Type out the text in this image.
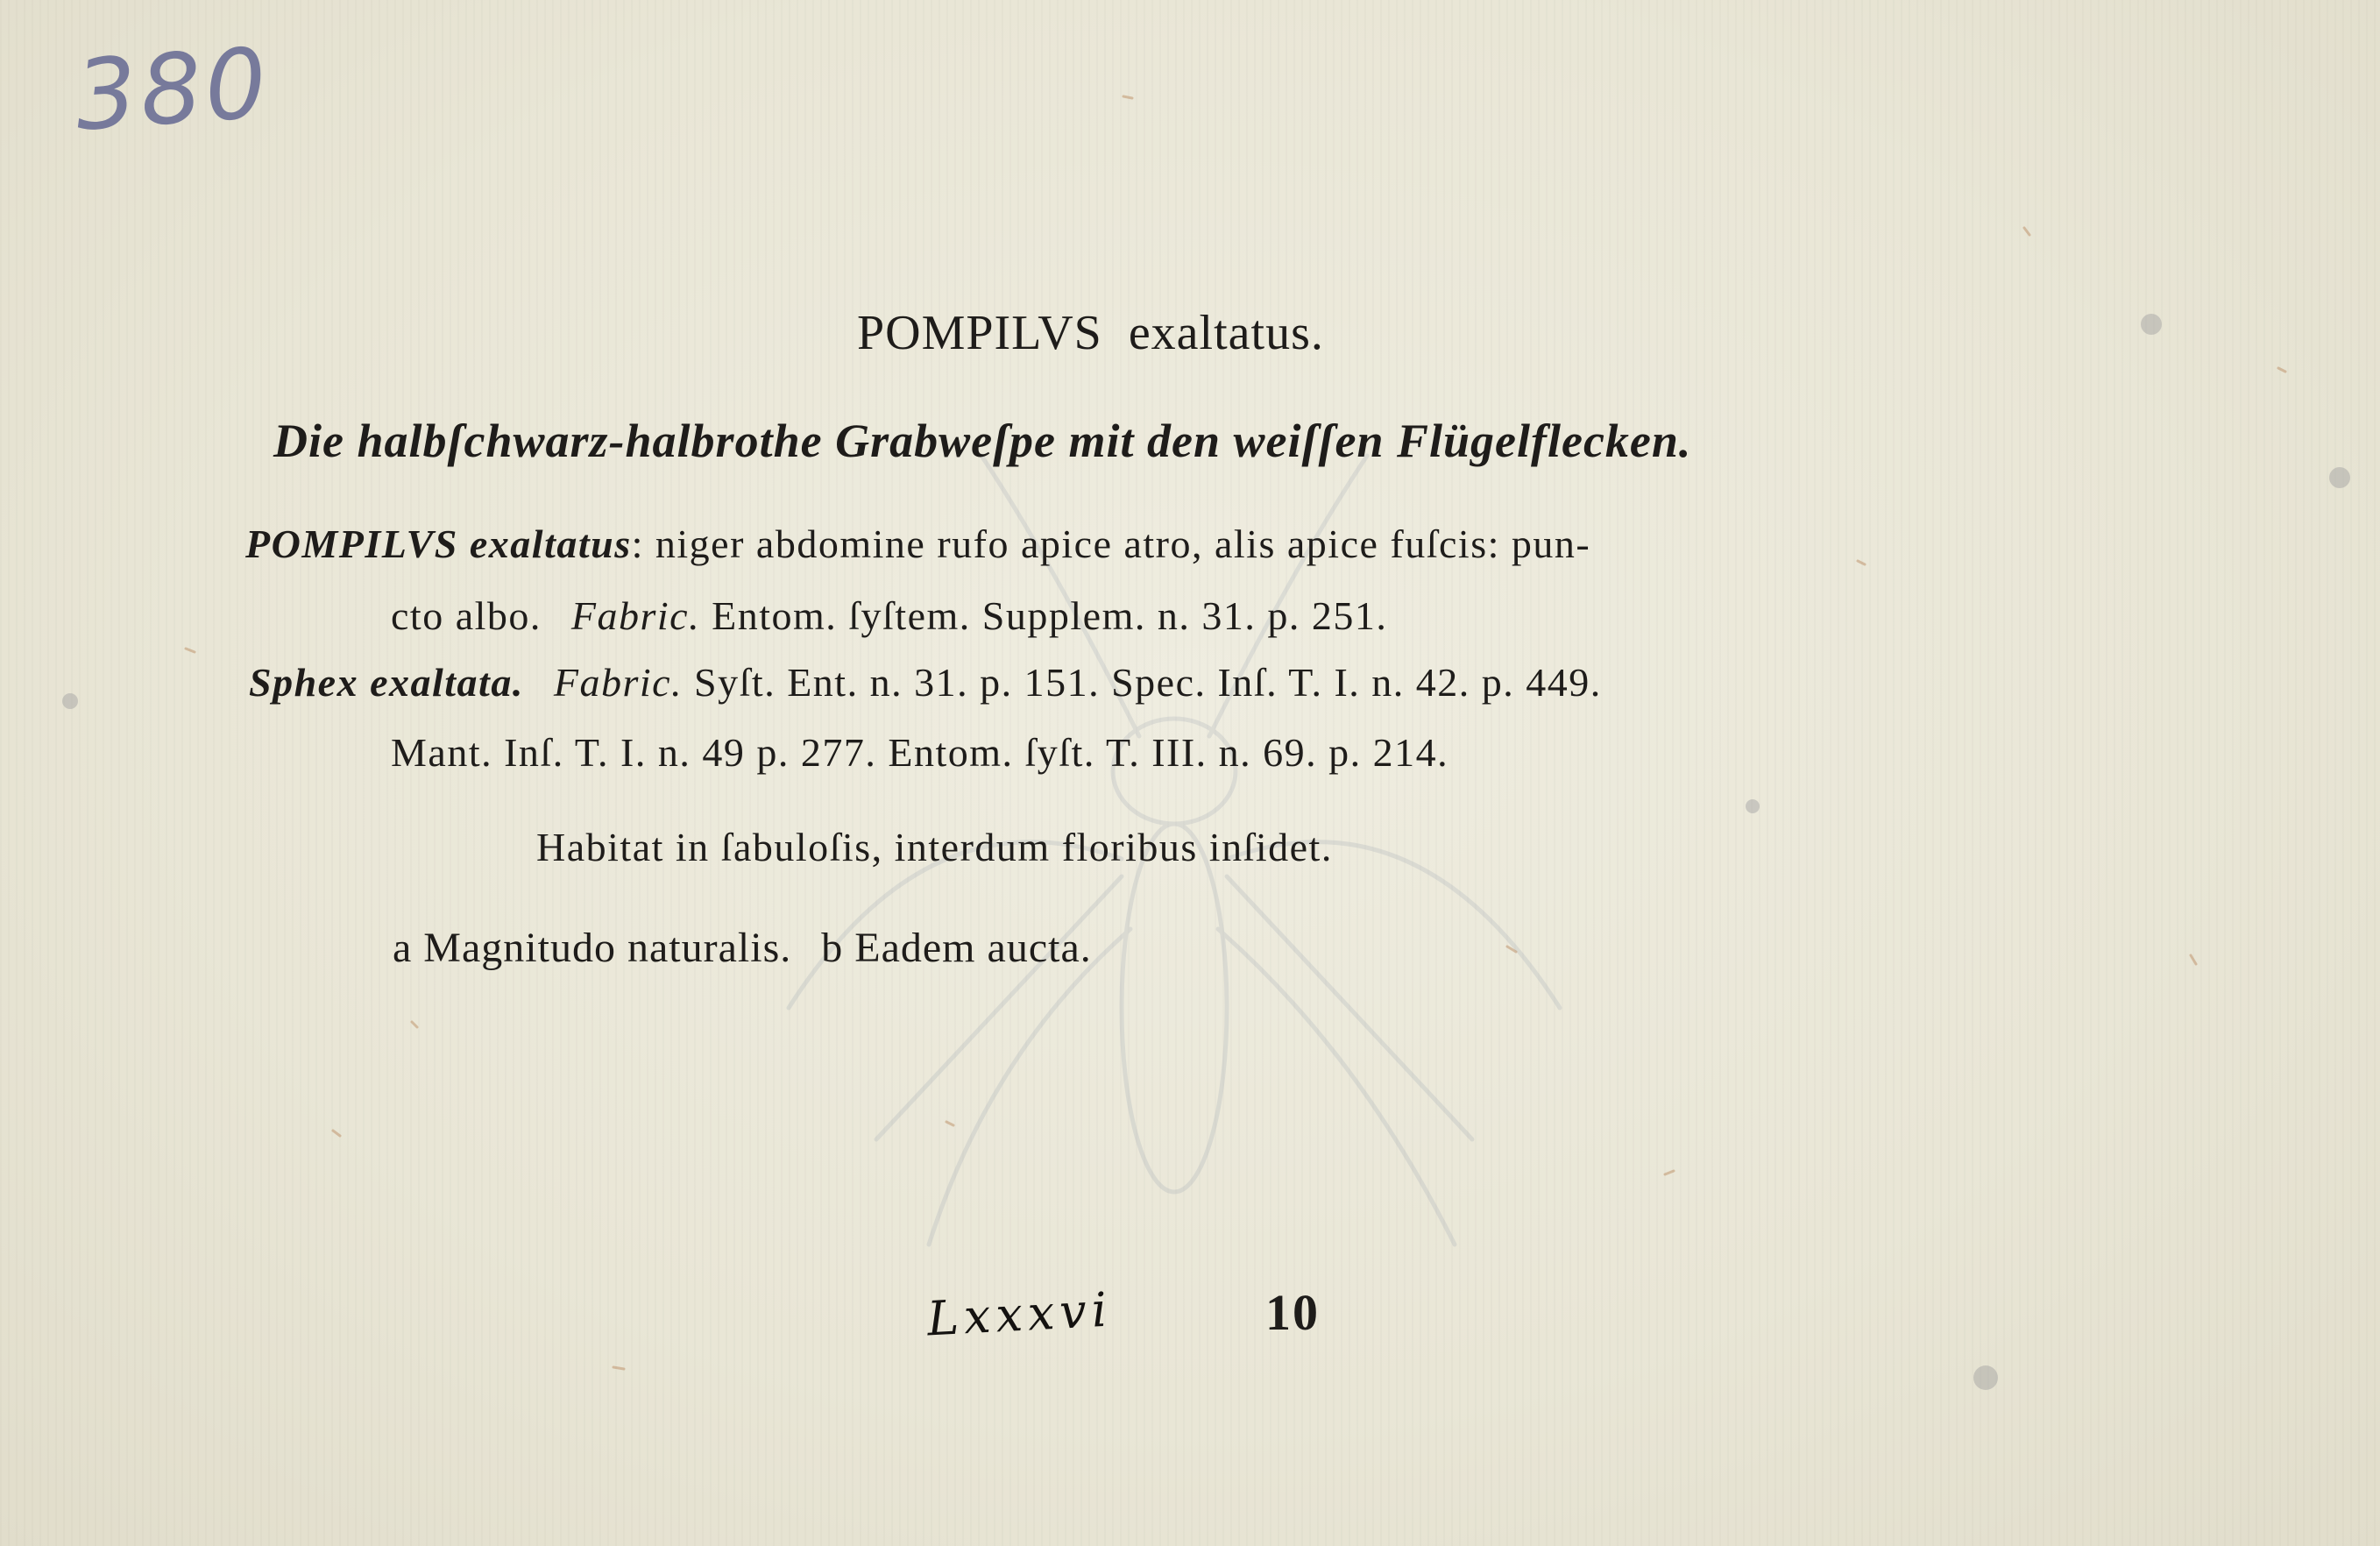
380
POMPILVS exaltatus.
Die halbſchwarz-halbrothe Grabweſpe mit den weiſſen Flügelflecken.
POMPILVS exaltatus: niger abdomine rufo apice atro, alis apice fuſcis: pun-
cto albo. Fabric. Entom. ſyſtem. Supplem. n. 31. p. 251.
Sphex exaltata. Fabric. Syſt. Ent. n. 31. p. 151. Spec. Inſ. T. I. n. 42. p. 449.
Mant. Inſ. T. I. n. 49 p. 277. Entom. ſyſt. T. III. n. 69. p. 214.
Habitat in ſabuloſis, interdum floribus inſidet.
a Magnitudo naturalis. b Eadem aucta.
Lxxxvi	10
